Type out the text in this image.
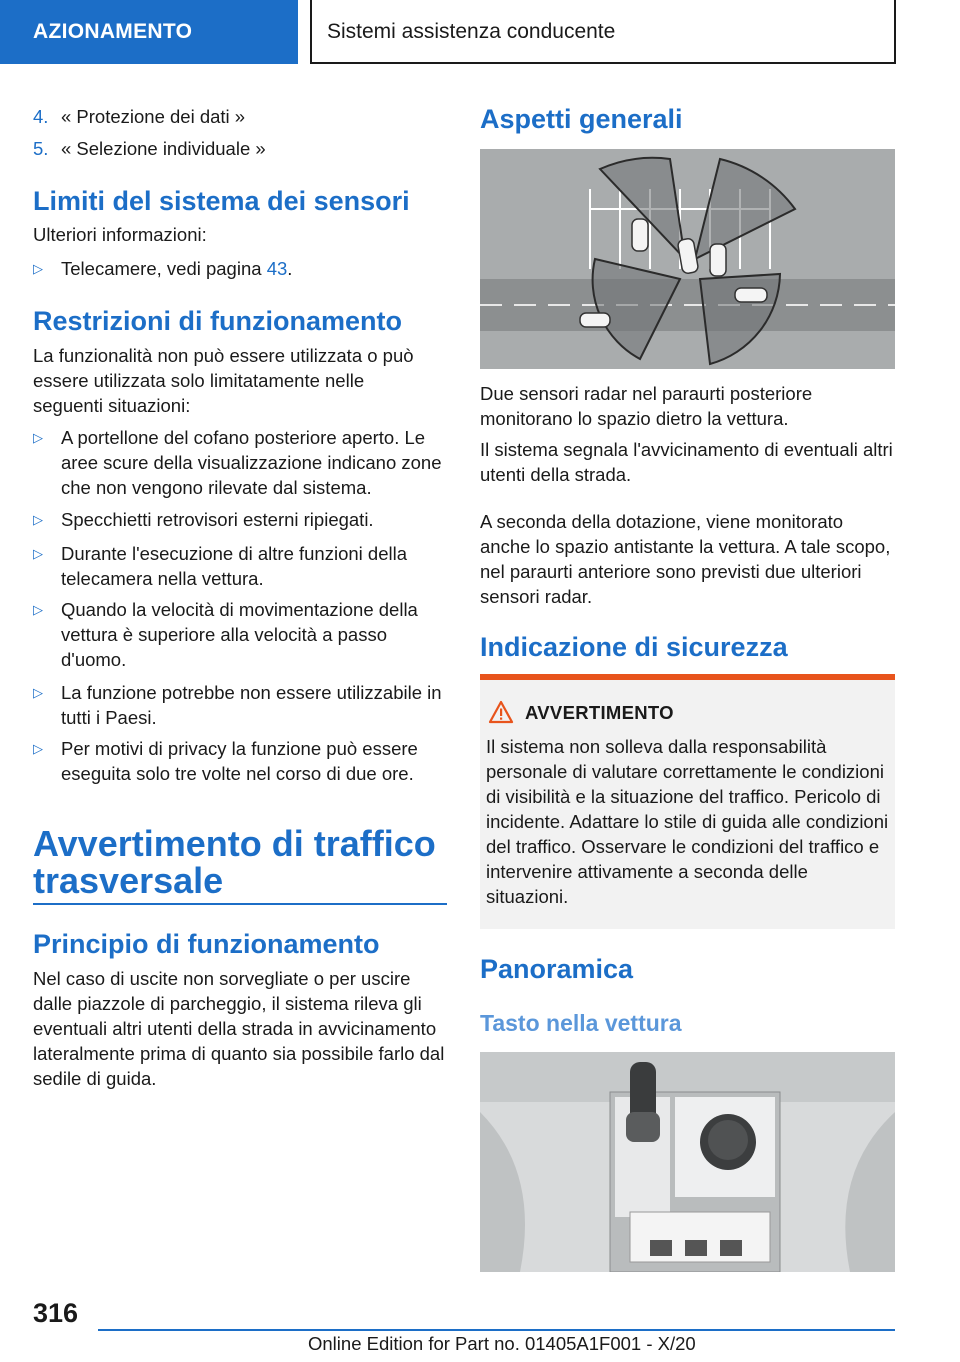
AZIONAMENTO	Sistemi assistenza conducente
4. « Protezione dei dati »
5. « Selezione individuale »
Limiti del sistema dei sensori

Ulteriori informazioni:

▷ Telecamere, vedi pagina 43.
Restrizioni di funzionamento

La funzionalità non può essere utilizzata o può essere utilizzata solo limitatamente nelle seguenti situazioni:

▷ A portellone del cofano posteriore aperto. Le aree scure della visualizzazione indicano zone che non vengono rilevate dal sistema.
▷ Specchietti retrovisori esterni ripiegati.
▷ Durante l'esecuzione di altre funzioni della telecamera nella vettura.
▷ Quando la velocità di movimentazione della vettura è superiore alla velocità a passo d'uomo.
▷ La funzione potrebbe non essere utilizzabile in tutti i Paesi.
▷ Per motivi di privacy la funzione può essere eseguita solo tre volte nel corso di due ore.
Avvertimento di traffico
trasversale
Principio di funzionamento

Nel caso di uscite non sorvegliate o per uscire dalle piazzole di parcheggio, il sistema rileva gli eventuali altri utenti della strada in avvicinamento lateralmente prima di quanto sia possibile farlo dal sedile di guida.

Aspetti generali

Due sensori radar nel paraurti posteriore monitorano lo spazio dietro la vettura.

Il sistema segnala l'avvicinamento di eventuali altri utenti della strada.

A seconda della dotazione, viene monitorato anche lo spazio antistante la vettura. A tale scopo, nel paraurti anteriore sono previsti due ulteriori sensori radar.

Indicazione di sicurezza
AVVERTIMENTO
Il sistema non solleva dalla responsabilità personale di valutare correttamente le condizioni di visibilità e la situazione del traffico. Pericolo di incidente. Adattare lo stile di guida alle condizioni del traffico. Osservare le condizioni del traffico e intervenire attivamente a seconda delle situazioni.
Panoramica
Tasto nella vettura
316
Online Edition for Part no. 01405A1F001 - X/20
